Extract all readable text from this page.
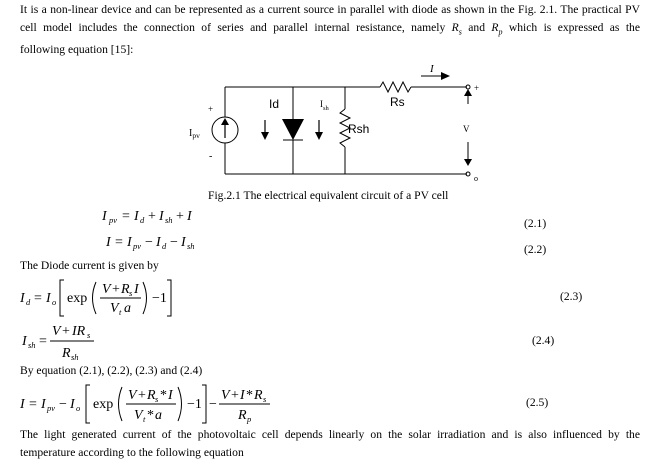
It is a non-linear device and can be represented as a current source in parallel with diode as shown in the Fig. 2.1. The practical PV
cell model includes the connection of series and parallel internal resistance, namely $R_s$ and $R_p$ which is expressed as the
following equation [15]:
I
Rs
Id	$I_{sh}$
Rsh
$I_{pv}$
+
-
+
V
o
Fig.2.1 The electrical equivalent circuit of a PV cell
I pv = I d + I sh + I	(2.1)
I = I pv − I d − I sh	(2.2)
The Diode current is given by
I d = I o exp
V + R s I
V t a
−1	(2.3)
I sh =
V + IR s
R sh
(2.4)
By equation (2.1), (2.2), (2.3) and (2.4)
I = I pv − I o exp
V + R s * I
V t * a
−1 −
V + I * R s
R p
(2.5)
The light generated current of the photovoltaic cell depends linearly on the solar irradiation and is also influenced by the
temperature according to the following equation
